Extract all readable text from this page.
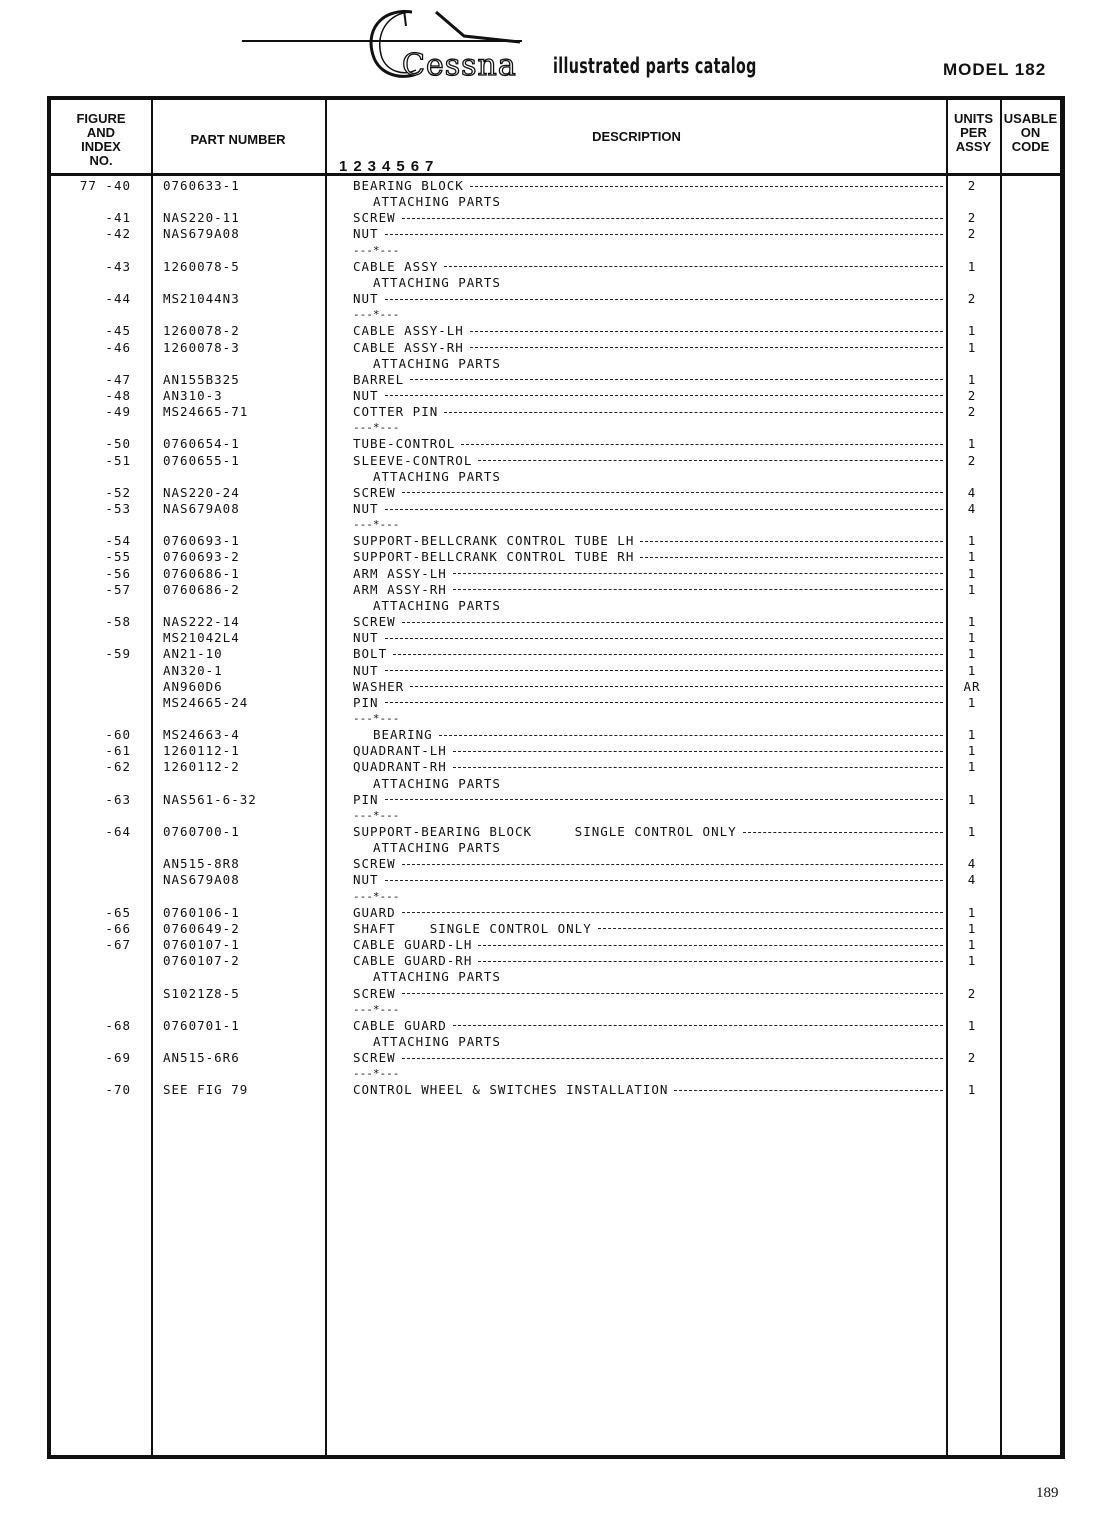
Cessna illustrated parts catalog	MODEL 182
FIGURE
AND
INDEX
NO.
PART NUMBER	DESCRIPTION
1234567
UNITS
PER
ASSY
USABLE
ON
CODE
77 -40	0760633-1	BEARING BLOCK	2
ATTACHING PARTS
-41	NAS220-11	SCREW	2
-42	NAS679A08	NUT	2
---*---
-43	1260078-5	CABLE ASSY	1
ATTACHING PARTS
-44	MS21044N3	NUT	2
---*---
-45	1260078-2	CABLE ASSY-LH	1
-46	1260078-3	CABLE ASSY-RH	1
ATTACHING PARTS
-47	AN155B325	BARREL	1
-48	AN310-3	NUT	2
-49	MS24665-71	COTTER PIN	2
---*---
-50	0760654-1	TUBE-CONTROL	1
-51	0760655-1	SLEEVE-CONTROL	2
ATTACHING PARTS
-52	NAS220-24	SCREW	4
-53	NAS679A08	NUT	4
---*---
-54	0760693-1	SUPPORT-BELLCRANK CONTROL TUBE LH	1
-55	0760693-2	SUPPORT-BELLCRANK CONTROL TUBE RH	1
-56	0760686-1	ARM ASSY-LH	1
-57	0760686-2	ARM ASSY-RH	1
ATTACHING PARTS
-58	NAS222-14	SCREW	1
MS21042L4	NUT	1
-59	AN21-10	BOLT	1
AN320-1	NUT	1
AN960D6	WASHER	AR
MS24665-24	PIN	1
---*---
-60	MS24663-4	BEARING	1
-61	1260112-1	QUADRANT-LH	1
-62	1260112-2	QUADRANT-RH	1
ATTACHING PARTS
-63	NAS561-6-32	PIN	1
---*---
-64	0760700-1	SUPPORT-BEARING BLOCK     SINGLE CONTROL ONLY	1
ATTACHING PARTS
AN515-8R8	SCREW	4
NAS679A08	NUT	4
---*---
-65	0760106-1	GUARD	1
-66	0760649-2	SHAFT    SINGLE CONTROL ONLY	1
-67	0760107-1	CABLE GUARD-LH	1
0760107-2	CABLE GUARD-RH	1
ATTACHING PARTS
S1021Z8-5	SCREW	2
---*---
-68	0760701-1	CABLE GUARD	1
ATTACHING PARTS
-69	AN515-6R6	SCREW	2
---*---
-70	SEE FIG 79	CONTROL WHEEL & SWITCHES INSTALLATION	1
189
